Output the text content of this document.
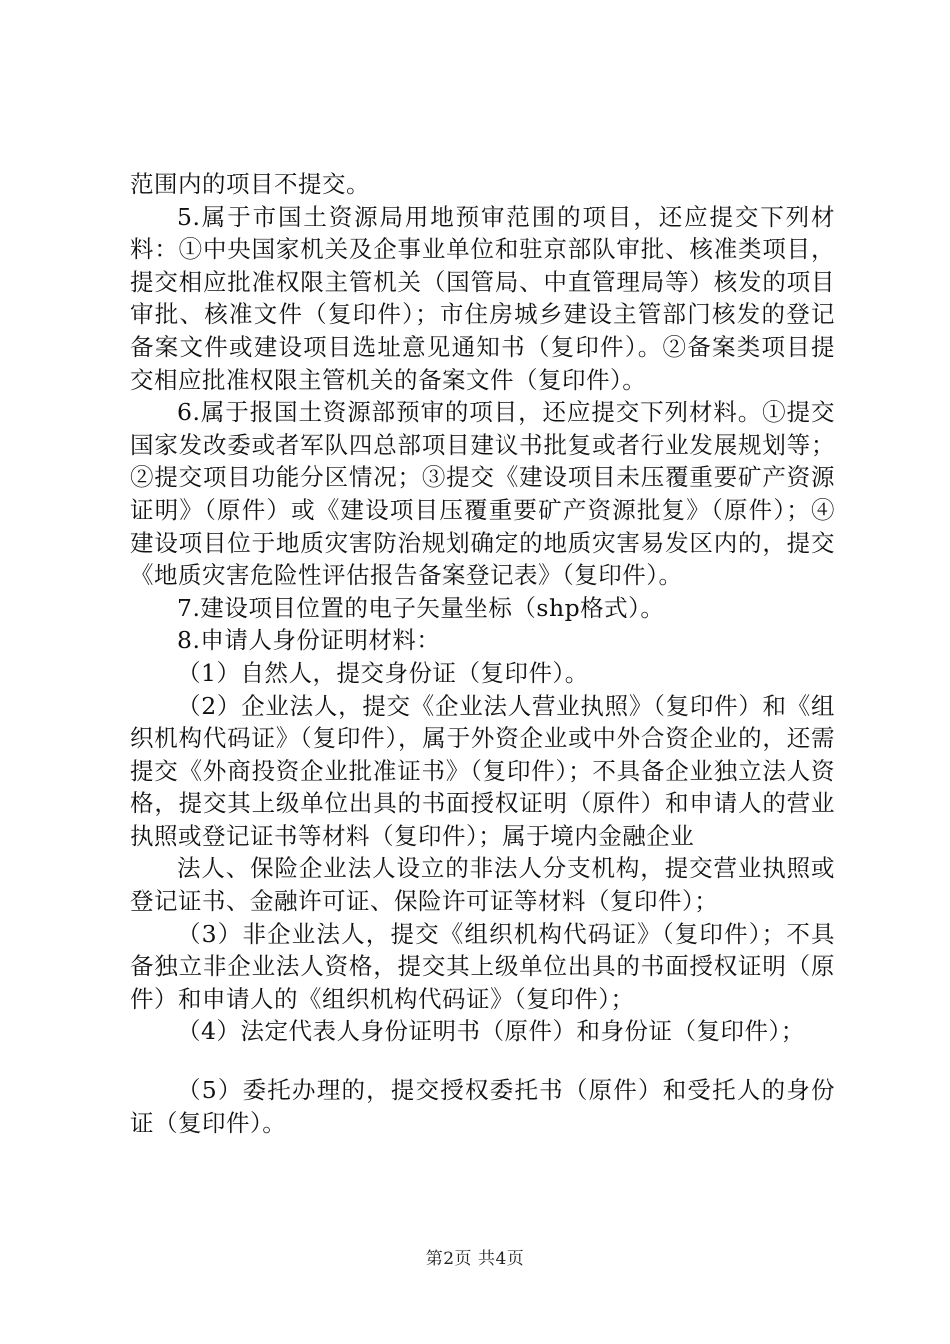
范围内的项目不提交。

5.属于市国土资源局用地预审范围的项目，还应提交下列材料：①中央国家机关及企事业单位和驻京部队审批、核准类项目，提交相应批准权限主管机关（国管局、中直管理局等）核发的项目审批、核准文件（复印件）；市住房城乡建设主管部门核发的登记备案文件或建设项目选址意见通知书（复印件）。②备案类项目提交相应批准权限主管机关的备案文件（复印件）。

6.属于报国土资源部预审的项目，还应提交下列材料。①提交国家发改委或者军队四总部项目建议书批复或者行业发展规划等；②提交项目功能分区情况；③提交《建设项目未压覆重要矿产资源证明》（原件）或《建设项目压覆重要矿产资源批复》（原件）；④建设项目位于地质灾害防治规划确定的地质灾害易发区内的，提交《地质灾害危险性评估报告备案登记表》（复印件）。

7.建设项目位置的电子矢量坐标（shp格式）。

8.申请人身份证明材料：

（1）自然人，提交身份证（复印件）。

（2）企业法人，提交《企业法人营业执照》（复印件）和《组织机构代码证》（复印件），属于外资企业或中外合资企业的，还需提交《外商投资企业批准证书》（复印件）；不具备企业独立法人资格，提交其上级单位出具的书面授权证明（原件）和申请人的营业执照或登记证书等材料（复印件）；属于境内金融企业

法人、保险企业法人设立的非法人分支机构，提交营业执照或登记证书、金融许可证、保险许可证等材料（复印件）；

（3）非企业法人，提交《组织机构代码证》（复印件）；不具备独立非企业法人资格，提交其上级单位出具的书面授权证明（原件）和申请人的《组织机构代码证》（复印件）；

（4）法定代表人身份证明书（原件）和身份证（复印件）；

（5）委托办理的，提交授权委托书（原件）和受托人的身份证（复印件）。

第2页 共4页
